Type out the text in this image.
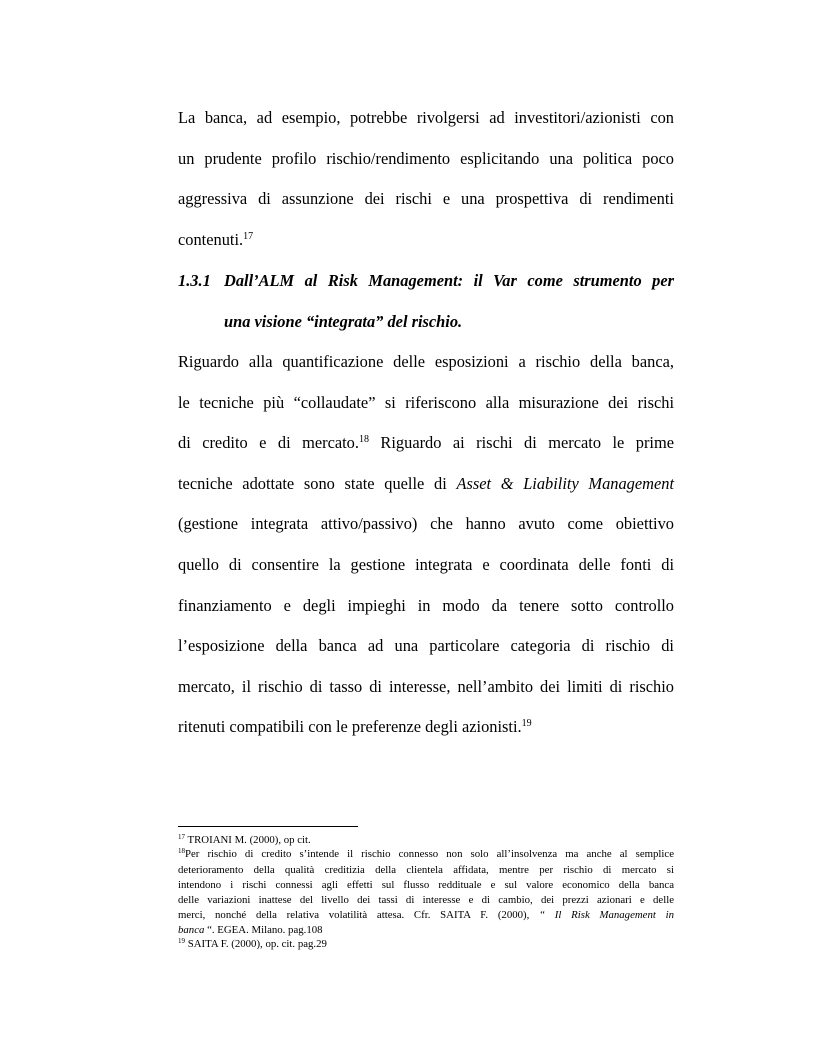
La banca, ad esempio, potrebbe rivolgersi ad investitori/azionisti con
un prudente profilo rischio/rendimento esplicitando una politica poco
aggressiva di assunzione dei rischi e una prospettiva di rendimenti
contenuti.$^{17}$
1.3.1 Dall’ALM al Risk Management: il Var come strumento per
una visione “integrata” del rischio.
Riguardo alla quantificazione delle esposizioni a rischio della banca,
le tecniche più “collaudate” si riferiscono alla misurazione dei rischi
di credito e di mercato.$^{18}$ Riguardo ai rischi di mercato le prime
tecniche adottate sono state quelle di Asset & Liability Management
(gestione integrata attivo/passivo) che hanno avuto come obiettivo
quello di consentire la gestione integrata e coordinata delle fonti di
finanziamento e degli impieghi in modo da tenere sotto controllo
l’esposizione della banca ad una particolare categoria di rischio di
mercato, il rischio di tasso di interesse, nell’ambito dei limiti di rischio
ritenuti compatibili con le preferenze degli azionisti.$^{19}$
$^{17}$ TROIANI M. (2000), op cit.
$^{18}$Per rischio di credito s’intende il rischio connesso non solo all’insolvenza ma anche al semplice
deterioramento della qualità creditizia della clientela affidata, mentre per rischio di mercato si
intendono i rischi connessi agli effetti sul flusso reddituale e sul valore economico della banca
delle variazioni inattese del livello dei tassi di interesse e di cambio, dei prezzi azionari e delle
merci, nonché della relativa volatilità attesa. Cfr. SAITA F. (2000), “ Il Risk Management in
banca “. EGEA. Milano. pag.108
$^{19}$ SAITA F. (2000), op. cit. pag.29
